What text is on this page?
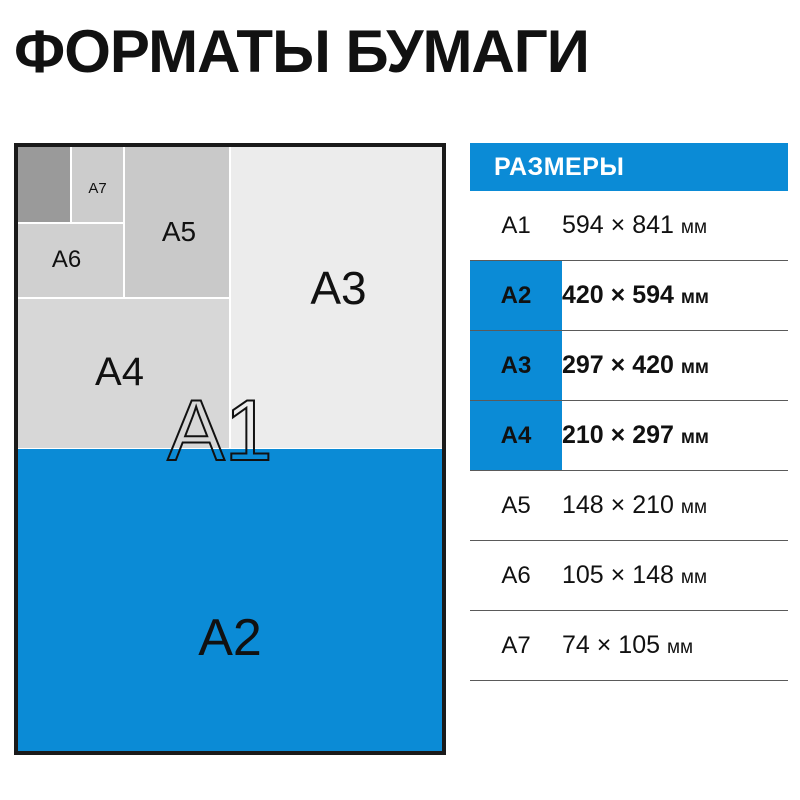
ФОРМАТЫ БУМАГИ
A2
A3
A4
A5
A6
A7
РАЗМЕРЫ
A1	594 × 841 мм
A2	420 × 594 мм
A3	297 × 420 мм
A4	210 × 297 мм
A5	148 × 210 мм
A6	105 × 148 мм
A7	74 × 105 мм
